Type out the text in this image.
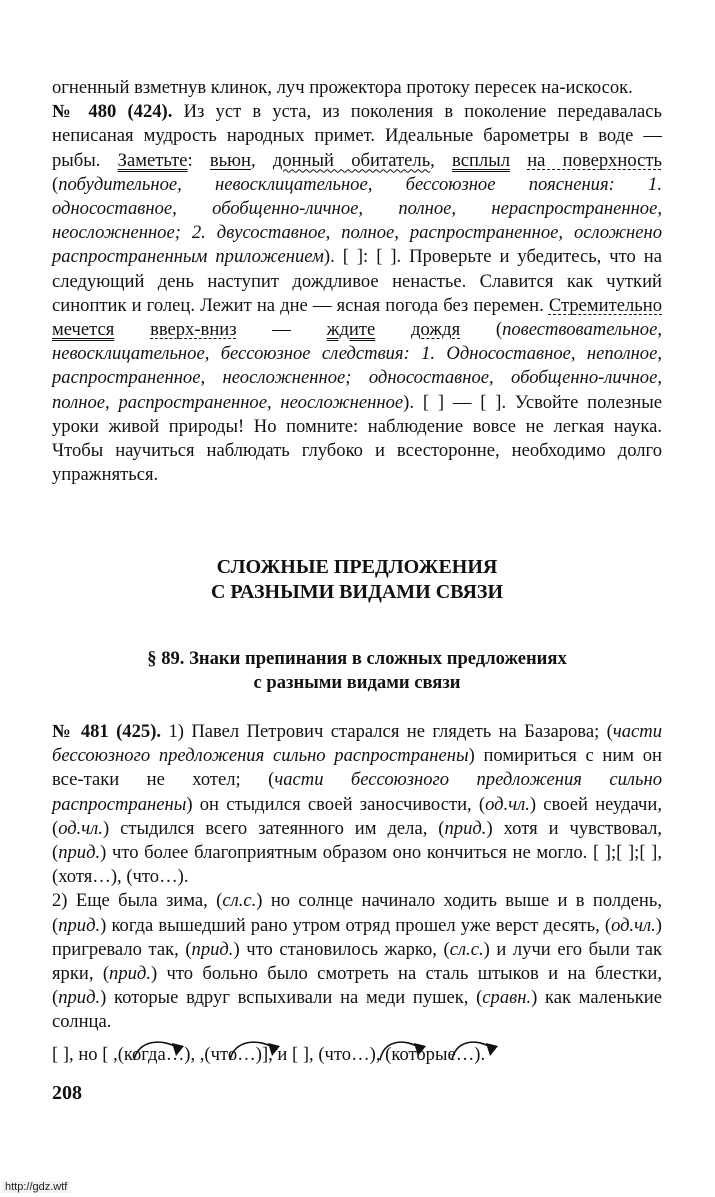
огненный взметнув клинок, луч прожектора протоку пересек на-искосок.
№ 480 (424). Из уст в уста, из поколения в поколение передавалась неписаная мудрость народных примет. Идеальные барометры в воде — рыбы. Заметьте: вьюн, донный обитатель, всплыл на поверхность (побудительное, невосклицательное, бессоюзное пояснения: 1. односоставное, обобщенно-личное, полное, нераспространенное, неосложненное; 2. двусоставное, полное, распространенное, осложнено распространенным приложением). [ ]: [ ]. Проверьте и убедитесь, что на следующий день наступит дождливое ненастье. Славится как чуткий синоптик и голец. Лежит на дне — ясная погода без перемен. Стремительно мечется вверх-вниз — ждите дождя (повествовательное, невосклицательное, бессоюзное следствия: 1. Односоставное, неполное, распространенное, неосложненное; односоставное, обобщенно-личное, полное, распространенное, неосложненное). [ ] — [ ]. Усвойте полезные уроки живой природы! Но помните: наблюдение вовсе не легкая наука. Чтобы научиться наблюдать глубоко и всесторонне, необходимо долго упражняться.

СЛОЖНЫЕ ПРЕДЛОЖЕНИЯ
С РАЗНЫМИ ВИДАМИ СВЯЗИ
§ 89. Знаки препинания в сложных предложениях
с разными видами связи

№ 481 (425). 1) Павел Петрович старался не глядеть на Базарова; (части бессоюзного предложения сильно распространены) помириться с ним он все-таки не хотел; (части бессоюзного предложения сильно распространены) он стыдился своей заносчивости, (од.чл.) своей неудачи, (од.чл.) стыдился всего затеянного им дела, (прид.) хотя и чувствовал, (прид.) что более благоприятным образом оно кончиться не могло. [ ];[ ];[ ], (хотя…), (что…).

2) Еще была зима, (сл.с.) но солнце начинало ходить выше и в полдень, (прид.) когда вышедший рано утром отряд прошел уже верст десять, (од.чл.) пригревало так, (прид.) что становилось жарко, (сл.с.) и лучи его были так ярки, (прид.) что больно было смотреть на сталь штыков и на блестки, (прид.) которые вдруг вспыхивали на меди пушек, (сравн.) как маленькие солнца.

[ ], но [ ,(когда…), ,(что…)], и [ ], (что…), (которые…).
208
http://gdz.wtf
